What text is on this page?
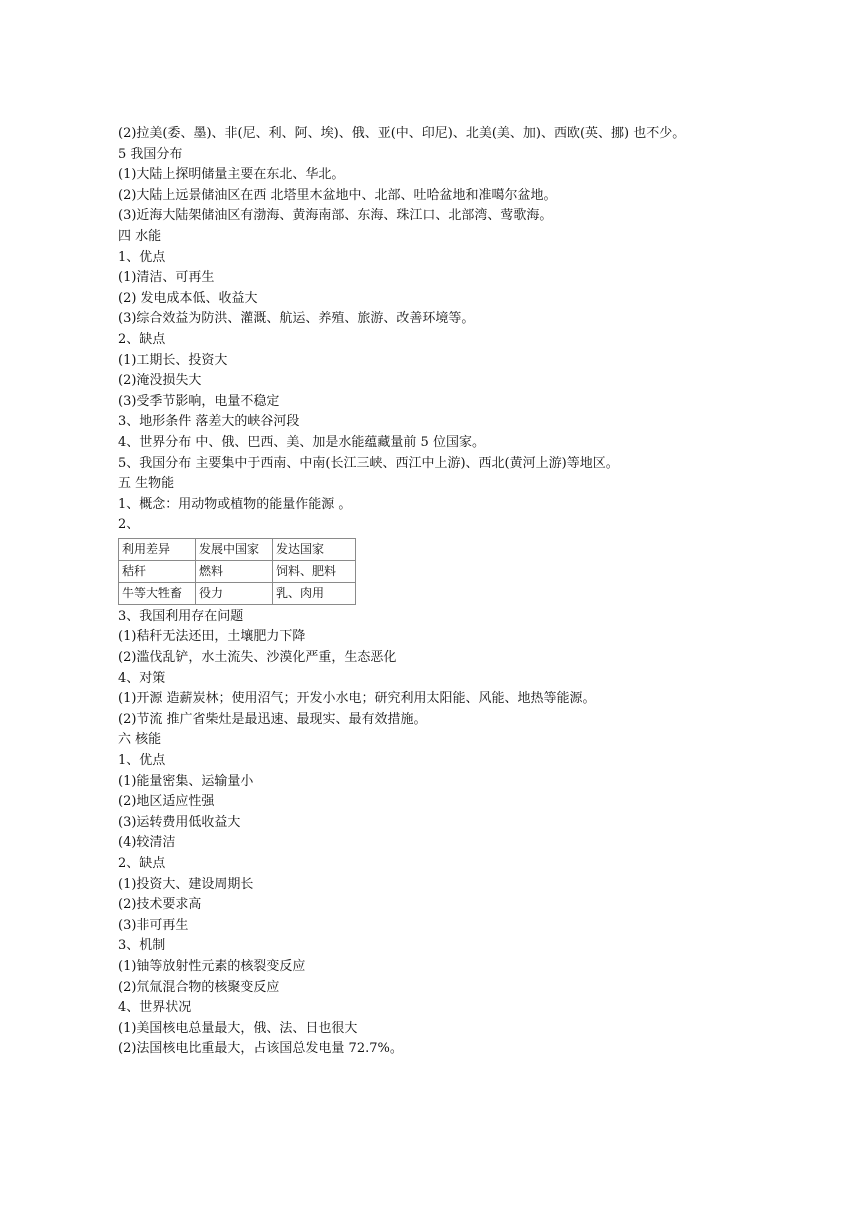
(2)拉美(委、墨)、非(尼、利、阿、埃)、俄、亚(中、印尼)、北美(美、加)、西欧(英、挪) 也不少。
5 我国分布
(1)大陆上探明储量主要在东北、华北。
(2)大陆上远景储油区在西 北塔里木盆地中、北部、吐哈盆地和准噶尔盆地。
(3)近海大陆架储油区有渤海、黄海南部、东海、珠江口、北部湾、莺歌海。
四 水能
1、优点
(1)清洁、可再生
(2) 发电成本低、收益大
(3)综合效益为防洪、灌溉、航运、养殖、旅游、改善环境等。
2、缺点
(1)工期长、投资大
(2)淹没损失大
(3)受季节影响，电量不稳定
3、地形条件 落差大的峡谷河段
4、世界分布 中、俄、巴西、美、加是水能蕴藏量前 5 位国家。
5、我国分布 主要集中于西南、中南(长江三峡、西江中上游)、西北(黄河上游)等地区。
五 生物能
1、概念：用动物或植物的能量作能源 。
2、
利用差异	发展中国家	发达国家
秸秆	燃料	饲料、肥料
牛等大牲畜	役力	乳、肉用
3、我国利用存在问题
(1)秸秆无法还田，土壤肥力下降
(2)滥伐乱铲，水土流失、沙漠化严重，生态恶化
4、对策
(1)开源 造薪炭林；使用沼气；开发小水电；研究利用太阳能、风能、地热等能源。
(2)节流 推广省柴灶是最迅速、最现实、最有效措施。
六 核能
1、优点
(1)能量密集、运输量小
(2)地区适应性强
(3)运转费用低收益大
(4)较清洁
2、缺点
(1)投资大、建设周期长
(2)技术要求高
(3)非可再生
3、机制
(1)铀等放射性元素的核裂变反应
(2)氘氚混合物的核聚变反应
4、世界状况
(1)美国核电总量最大，俄、法、日也很大
(2)法国核电比重最大，占该国总发电量 72.7%。
